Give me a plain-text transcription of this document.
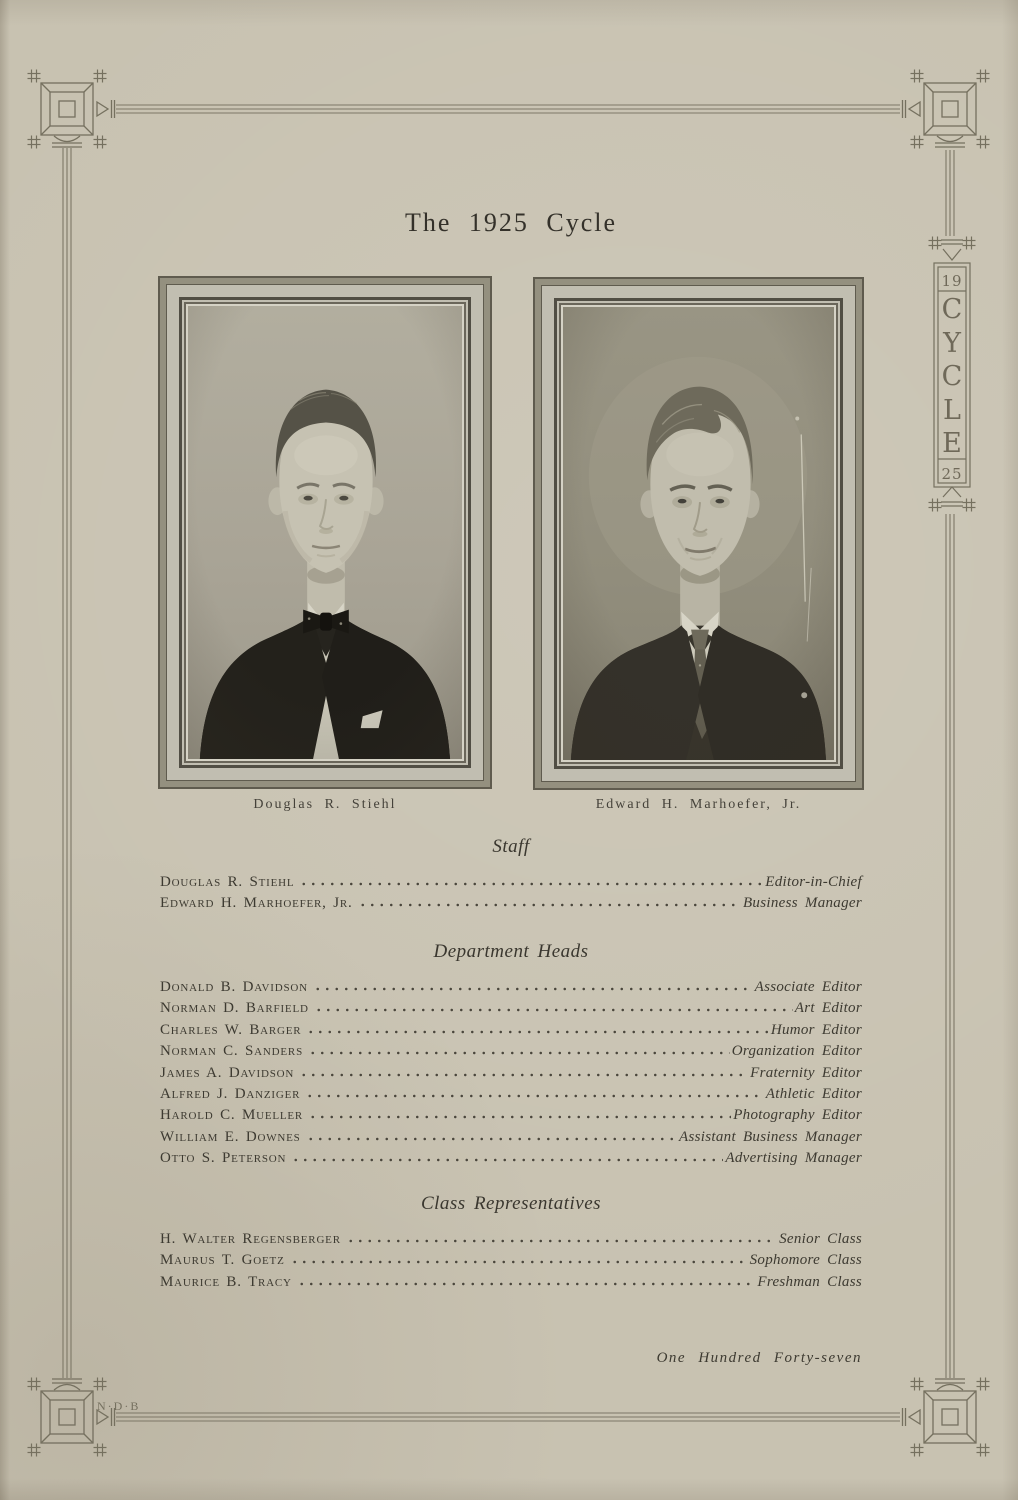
19
C
Y
C
L
E
25
N·D·B
The 1925 Cycle
Douglas R. Stiehl	Edward H. Marhoefer, Jr.
Staff
Douglas R. Stiehl	Editor-in-Chief
Edward H. Marhoefer, Jr.	Business Manager
Department Heads
Donald B. Davidson	Associate Editor
Norman D. Barfield	Art Editor
Charles W. Barger	Humor Editor
Norman C. Sanders	Organization Editor
James A. Davidson	Fraternity Editor
Alfred J. Danziger	Athletic Editor
Harold C. Mueller	Photography Editor
William E. Downes	Assistant Business Manager
Otto S. Peterson	Advertising Manager
Class Representatives
H. Walter Regensberger	Senior Class
Maurus T. Goetz	Sophomore Class
Maurice B. Tracy	Freshman Class
One Hundred Forty-seven
